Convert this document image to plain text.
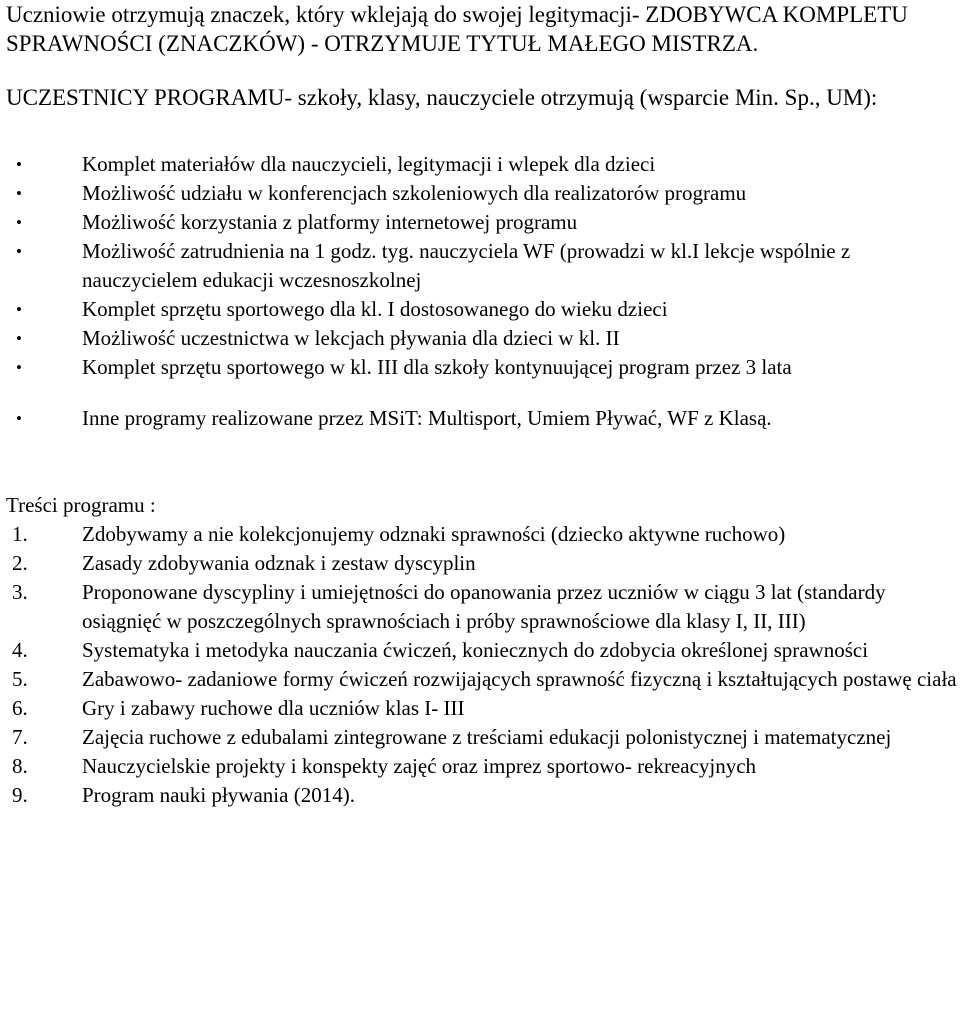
Uczniowie otrzymują znaczek, który wklejają do swojej legitymacji- ZDOBYWCA KOMPLETU SPRAWNOŚCI (ZNACZKÓW) - OTRZYMUJE TYTUŁ MAŁEGO MISTRZA.

UCZESTNICY PROGRAMU- szkoły, klasy, nauczyciele otrzymują (wsparcie Min. Sp., UM):

•	Komplet materiałów dla nauczycieli, legitymacji i wlepek dla dzieci
•	Możliwość udziału w konferencjach szkoleniowych dla realizatorów programu
•	Możliwość korzystania z platformy internetowej programu
•	Możliwość zatrudnienia na 1 godz. tyg. nauczyciela WF (prowadzi w kl.I lekcje wspólnie z nauczycielem edukacji wczesnoszkolnej
•	Komplet sprzętu sportowego dla kl. I dostosowanego do wieku dzieci
•	Możliwość uczestnictwa w lekcjach pływania dla dzieci w kl. II
•	Komplet sprzętu sportowego w kl. III dla szkoły kontynuującej program przez 3 lata
•	Inne programy realizowane przez MSiT: Multisport, Umiem Pływać, WF z Klasą.

Treści programu :

1.	Zdobywamy a nie kolekcjonujemy odznaki sprawności (dziecko aktywne ruchowo)
2.	Zasady zdobywania odznak i zestaw dyscyplin
3.	Proponowane dyscypliny i umiejętności do opanowania przez uczniów w ciągu 3 lat (standardy osiągnięć w poszczególnych sprawnościach i próby sprawnościowe dla klasy I, II, III)
4.	Systematyka i metodyka nauczania ćwiczeń, koniecznych do zdobycia określonej sprawności
5.	Zabawowo- zadaniowe formy ćwiczeń rozwijających sprawność fizyczną i kształtujących postawę ciała
6.	Gry i zabawy ruchowe dla uczniów klas I- III
7.	Zajęcia ruchowe z edubalami zintegrowane z treściami edukacji polonistycznej i matematycznej
8.	Nauczycielskie projekty i konspekty zajęć oraz imprez sportowo- rekreacyjnych
9.	Program nauki pływania (2014).
